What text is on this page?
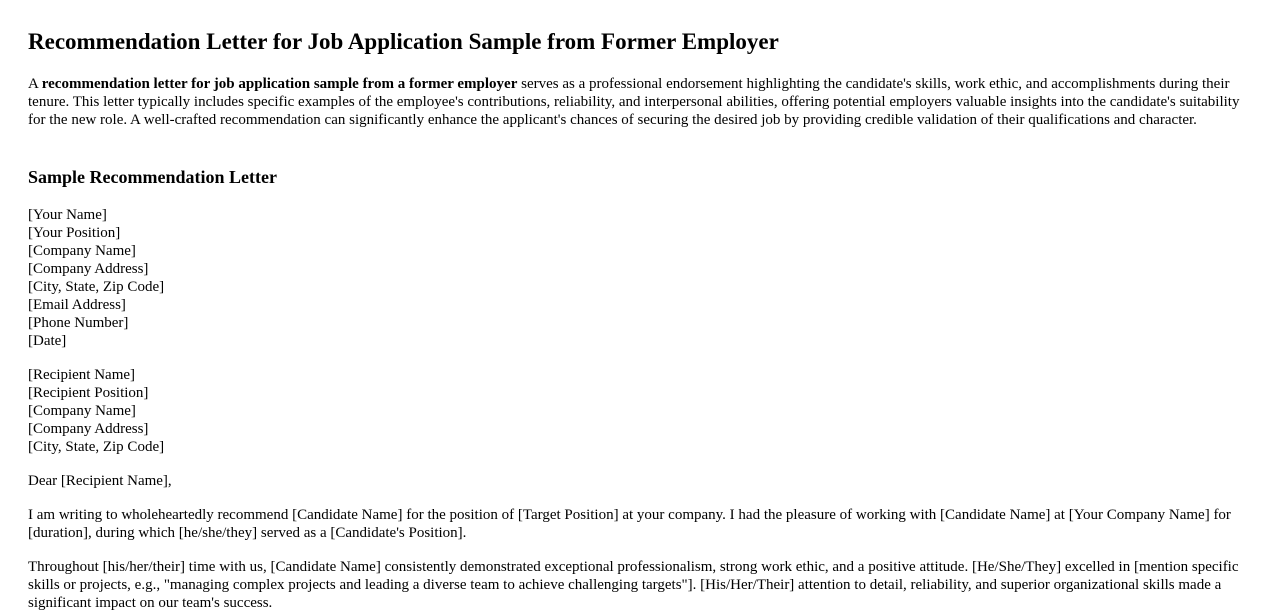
Recommendation Letter for Job Application Sample from Former Employer

A recommendation letter for job application sample from a former employer serves as a professional endorsement highlighting the candidate's skills, work ethic, and accomplishments during their tenure. This letter typically includes specific examples of the employee's contributions, reliability, and interpersonal abilities, offering potential employers valuable insights into the candidate's suitability for the new role. A well-crafted recommendation can significantly enhance the applicant's chances of securing the desired job by providing credible validation of their qualifications and character.

Sample Recommendation Letter
[Your Name]
[Your Position]
[Company Name]
[Company Address]
[City, State, Zip Code]
[Email Address]
[Phone Number]
[Date]
[Recipient Name]
[Recipient Position]
[Company Name]
[Company Address]
[City, State, Zip Code]

Dear [Recipient Name],

I am writing to wholeheartedly recommend [Candidate Name] for the position of [Target Position] at your company. I had the pleasure of working with [Candidate Name] at [Your Company Name] for [duration], during which [he/she/they] served as a [Candidate's Position].

Throughout [his/her/their] time with us, [Candidate Name] consistently demonstrated exceptional professionalism, strong work ethic, and a positive attitude. [He/She/They] excelled in [mention specific skills or projects, e.g., "managing complex projects and leading a diverse team to achieve challenging targets"]. [His/Her/Their] attention to detail, reliability, and superior organizational skills made a significant impact on our team's success.
